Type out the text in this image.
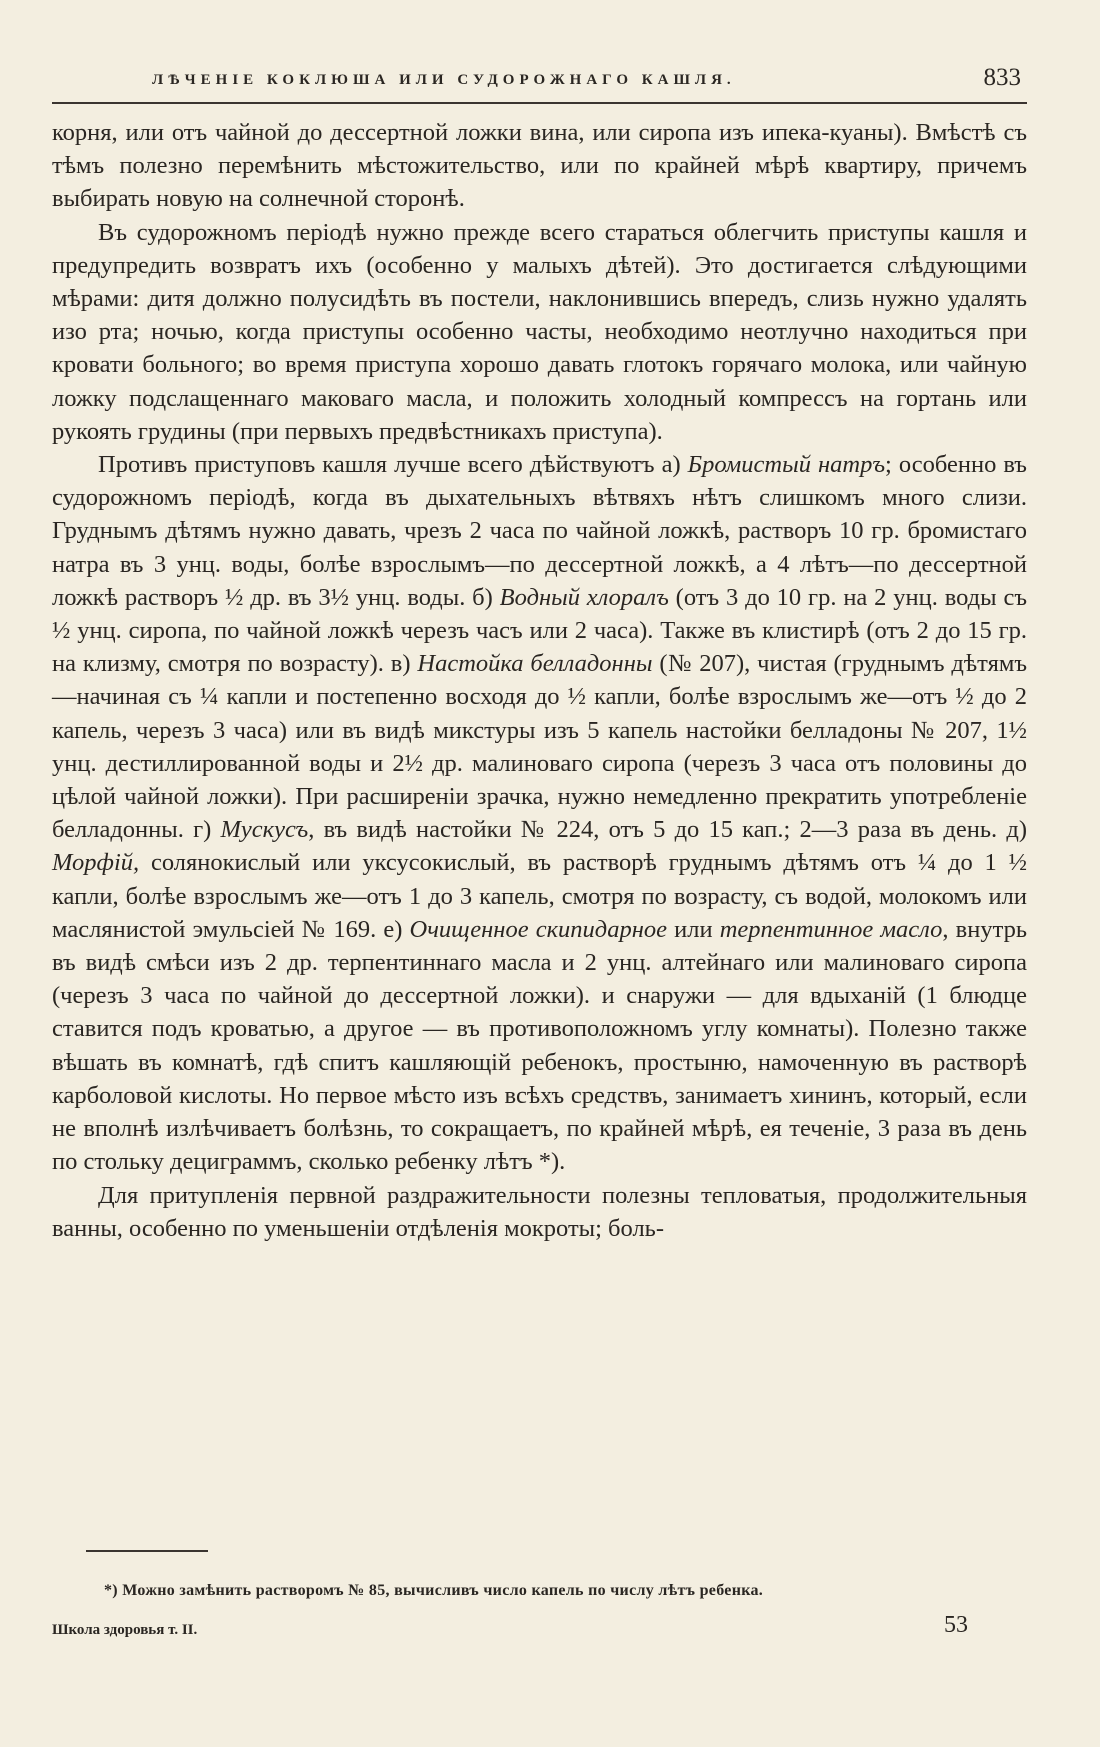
ЛѢЧЕНІЕ КОКЛЮША ИЛИ СУДОРОЖНАГО КАШЛЯ.	833

корня, или отъ чайной до дессертной ложки вина, или сиропа изъ ипека-куаны). Вмѣстѣ съ тѣмъ полезно перемѣнить мѣстожительство, или по крайней мѣрѣ квартиру, причемъ выбирать новую на солнечной сторонѣ.

Въ судорожномъ періодѣ нужно прежде всего стараться облегчить приступы кашля и предупредить возвратъ ихъ (особенно у малыхъ дѣтей). Это достигается слѣдующими мѣрами: дитя должно полусидѣть въ постели, наклонившись впередъ, слизь нужно удалять изо рта; ночью, когда приступы особенно часты, необходимо неотлучно находиться при кровати больного; во время приступа хорошо давать глотокъ горячаго молока, или чайную ложку подслащеннаго маковаго масла, и положить холодный компрессъ на гортань или рукоять грудины (при первыхъ предвѣстникахъ приступа).

Противъ приступовъ кашля лучше всего дѣйствуютъ а) Бромистый натръ; особенно въ судорожномъ періодѣ, когда въ дыхательныхъ вѣтвяхъ нѣтъ слишкомъ много слизи. Груднымъ дѣтямъ нужно давать, чрезъ 2 часа по чайной ложкѣ, растворъ 10 гр. бромистаго натра въ 3 унц. воды, болѣе взрослымъ—по дессертной ложкѣ, а 4 лѣтъ—по дессертной ложкѣ растворъ ½ др. въ 3½ унц. воды. б) Водный хлоралъ (отъ 3 до 10 гр. на 2 унц. воды съ ½ унц. сиропа, по чайной ложкѣ черезъ часъ или 2 часа). Также въ клистирѣ (отъ 2 до 15 гр. на клизму, смотря по возрасту). в) Настойка белладонны (№ 207), чистая (груднымъ дѣтямъ—начиная съ ¼ капли и постепенно восходя до ½ капли, болѣе взрослымъ же—отъ ½ до 2 капель, черезъ 3 часа) или въ видѣ микстуры изъ 5 капель настойки белладоны № 207, 1½ унц. дестиллированной воды и 2½ др. малиноваго сиропа (черезъ 3 часа отъ половины до цѣлой чайной ложки). При расширеніи зрачка, нужно немедленно прекратить употребленіе белладонны. г) Мускусъ, въ видѣ настойки № 224, отъ 5 до 15 кап.; 2—3 раза въ день. д) Морфій, солянокислый или уксусокислый, въ растворѣ груднымъ дѣтямъ отъ ¼ до 1 ½ капли, болѣе взрослымъ же—отъ 1 до 3 капель, смотря по возрасту, съ водой, молокомъ или маслянистой эмульсіей № 169. е) Очищенное скипидарное или терпентинное масло, внутрь въ видѣ смѣси изъ 2 др. терпентиннаго масла и 2 унц. алтейнаго или малиноваго сиропа (черезъ 3 часа по чайной до дессертной ложки). и снаружи — для вдыханій (1 блюдце ставится подъ кроватью, а другое — въ противоположномъ углу комнаты). Полезно также вѣшать въ комнатѣ, гдѣ спитъ кашляющій ребенокъ, простыню, намоченную въ растворѣ карболовой кислоты. Но первое мѣсто изъ всѣхъ средствъ, занимаетъ хининъ, который, если не вполнѣ излѣчиваетъ болѣзнь, то сокращаетъ, по крайней мѣрѣ, ея теченіе, 3 раза въ день по стольку дециграммъ, сколько ребенку лѣтъ *).

Для притупленія первной раздражительности полезны тепловатыя, продолжительныя ванны, особенно по уменьшеніи отдѣленія мокроты; боль-

*) Можно замѣнить растворомъ № 85, вычисливъ число капель по числу лѣтъ ребенка.
Школа здоровья т. II.	53
